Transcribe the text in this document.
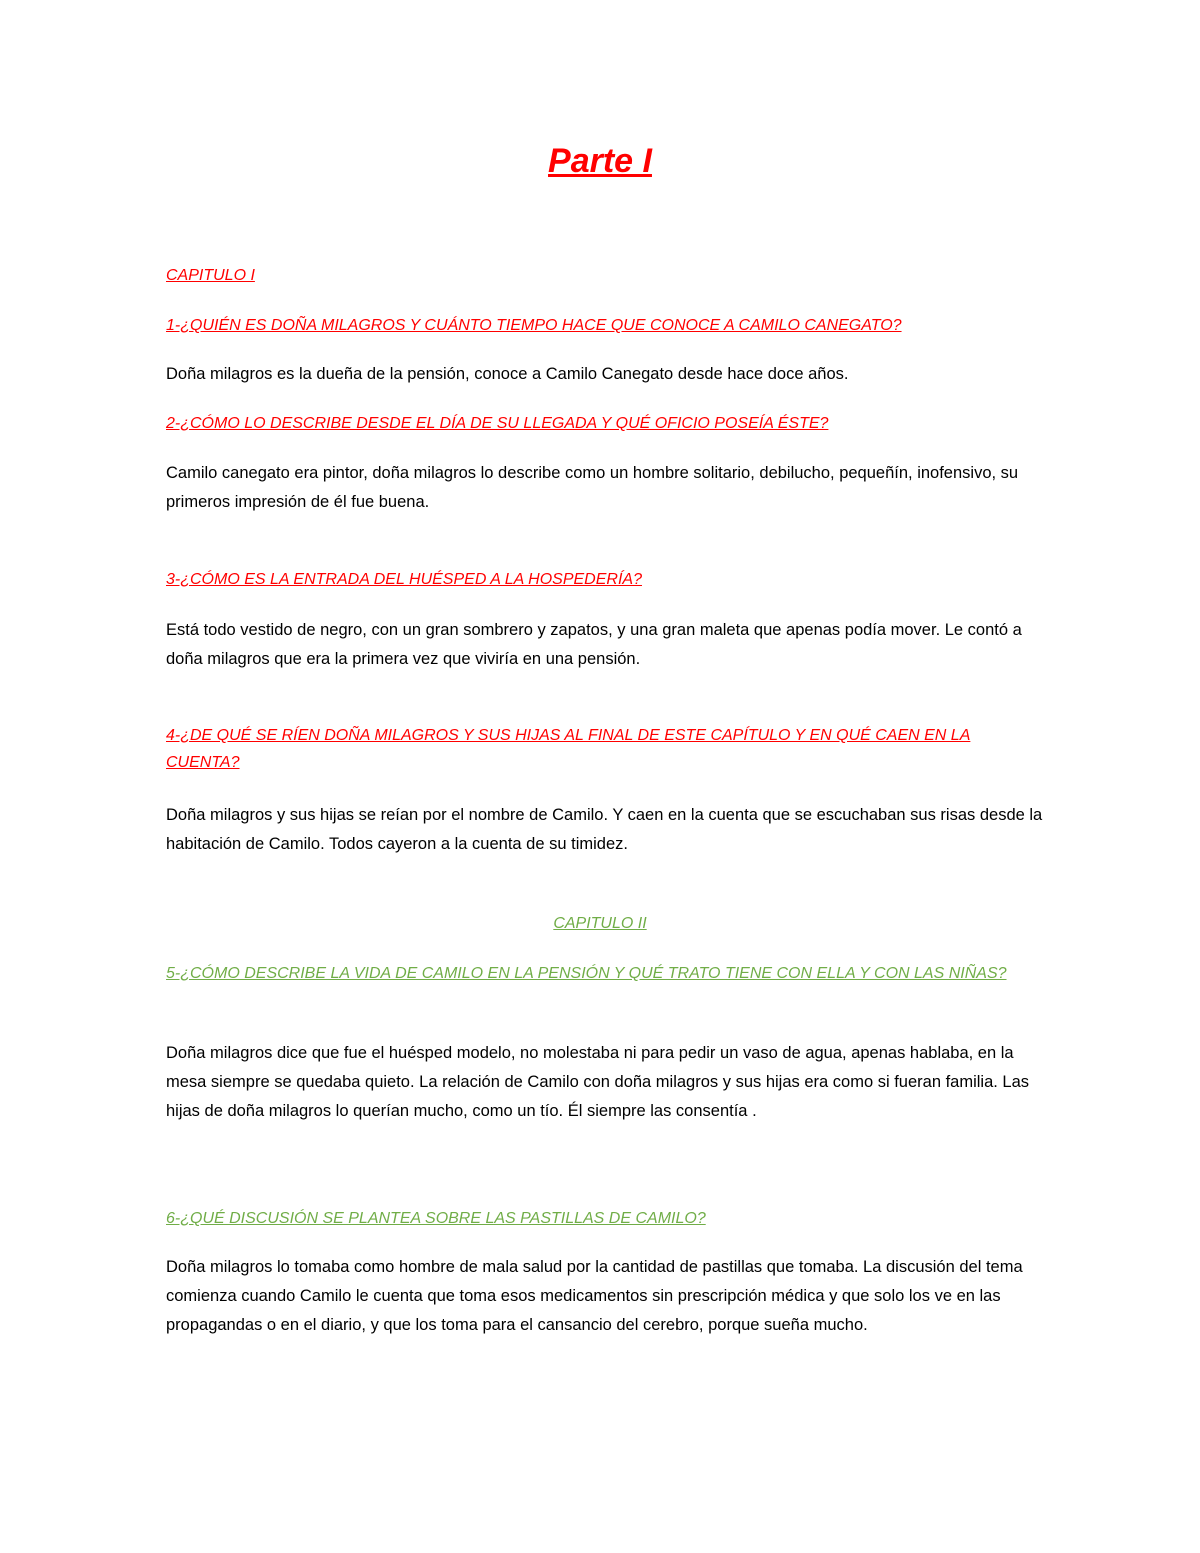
Parte I

CAPITULO I

1-¿QUIÉN ES DOÑA MILAGROS Y CUÁNTO TIEMPO HACE QUE CONOCE A CAMILO CANEGATO?

Doña milagros es la dueña de la pensión, conoce a Camilo Canegato desde hace doce años.

2-¿CÓMO LO DESCRIBE DESDE EL DÍA DE SU LLEGADA Y QUÉ OFICIO POSEÍA ÉSTE?

Camilo canegato era pintor, doña milagros lo describe como un hombre solitario, debilucho, pequeñín, inofensivo, su primeros impresión de él fue buena.

3-¿CÓMO ES LA ENTRADA DEL HUÉSPED A LA HOSPEDERÍA?

Está todo vestido de negro, con un gran sombrero y zapatos, y una gran maleta que apenas podía mover. Le contó a doña milagros que era la primera vez que viviría en una pensión.

4-¿DE QUÉ SE RÍEN DOÑA MILAGROS Y SUS HIJAS AL FINAL DE ESTE CAPÍTULO Y EN QUÉ CAEN EN LA CUENTA?

Doña milagros y sus hijas se reían por el nombre de Camilo. Y caen en la cuenta que se escuchaban sus risas desde la habitación de Camilo. Todos cayeron a la cuenta de su timidez.

CAPITULO II

5-¿CÓMO DESCRIBE LA VIDA DE CAMILO EN LA PENSIÓN Y QUÉ TRATO TIENE CON ELLA Y CON LAS NIÑAS?

Doña milagros dice que fue el huésped modelo, no molestaba ni para pedir un vaso de agua, apenas hablaba, en la mesa siempre se quedaba quieto. La relación de Camilo con doña milagros y sus hijas era como si fueran familia. Las hijas de doña milagros lo querían mucho, como un tío. Él siempre las consentía .

6-¿QUÉ DISCUSIÓN SE PLANTEA SOBRE LAS PASTILLAS DE CAMILO?

Doña milagros lo tomaba como hombre de mala salud por la cantidad de pastillas que tomaba. La discusión del tema comienza cuando Camilo le cuenta que toma esos medicamentos sin prescripción médica y que solo los ve en las propagandas o en el diario, y que los toma para el cansancio del cerebro, porque sueña mucho.
